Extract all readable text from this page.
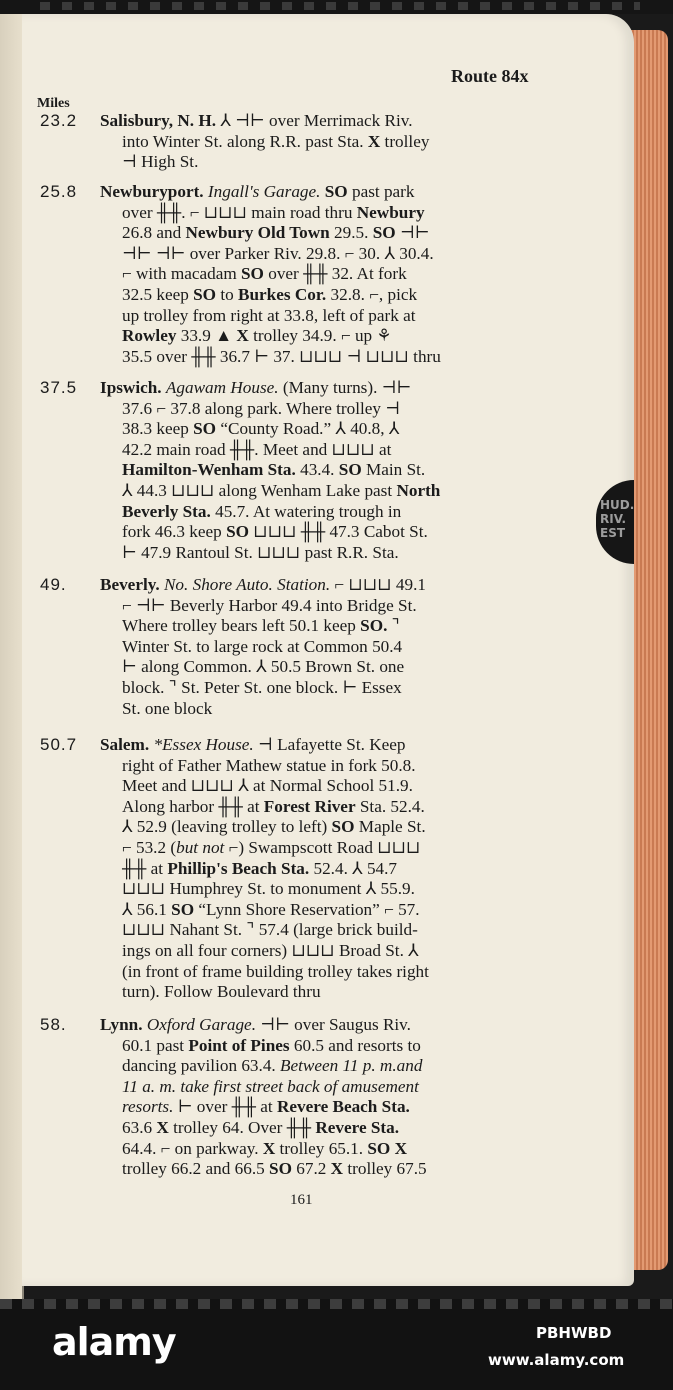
HUD.
RIV.
EST
Route 84x
Miles
23.2 Salisbury, N. H. ⅄ ⊣⊢ over Merrimack Riv.

into Winter St. along R.R. past Sta. X trolley

⊣ High St.

25.8 Newburyport. Ingall's Garage. SO past park

over ╫╫. ⌐ ⊔⊔⊔ main road thru Newbury

26.8 and Newbury Old Town 29.5. SO ⊣⊢

⊣⊢ ⊣⊢ over Parker Riv. 29.8. ⌐ 30. ⅄ 30.4.

⌐ with macadam SO over ╫╫ 32. At fork

32.5 keep SO to Burkes Cor. 32.8. ⌐, pick

up trolley from right at 33.8, left of park at

Rowley 33.9 ▲ X trolley 34.9. ⌐ up ⚘

35.5 over ╫╫ 36.7 ⊢ 37. ⊔⊔⊔ ⊣ ⊔⊔⊔ thru

37.5 Ipswich. Agawam House. (Many turns). ⊣⊢

37.6 ⌐ 37.8 along park. Where trolley ⊣

38.3 keep SO “County Road.” ⅄ 40.8, ⅄

42.2 main road ╫╫. Meet and ⊔⊔⊔ at

Hamilton-Wenham Sta. 43.4. SO Main St.

⅄ 44.3 ⊔⊔⊔ along Wenham Lake past North

Beverly Sta. 45.7. At watering trough in

fork 46.3 keep SO ⊔⊔⊔ ╫╫ 47.3 Cabot St.

⊢ 47.9 Rantoul St. ⊔⊔⊔ past R.R. Sta.

49. Beverly. No. Shore Auto. Station. ⌐ ⊔⊔⊔ 49.1

⌐ ⊣⊢ Beverly Harbor 49.4 into Bridge St.

Where trolley bears left 50.1 keep SO. ⌝

Winter St. to large rock at Common 50.4

⊢ along Common. ⅄ 50.5 Brown St. one

block. ⌝ St. Peter St. one block. ⊢ Essex

St. one block

50.7 Salem. *Essex House. ⊣ Lafayette St. Keep

right of Father Mathew statue in fork 50.8.

Meet and ⊔⊔⊔ ⅄ at Normal School 51.9.

Along harbor ╫╫ at Forest River Sta. 52.4.

⅄ 52.9 (leaving trolley to left) SO Maple St.

⌐ 53.2 (but not ⌐) Swampscott Road ⊔⊔⊔

╫╫ at Phillip's Beach Sta. 52.4. ⅄ 54.7

⊔⊔⊔ Humphrey St. to monument ⅄ 55.9.

⅄ 56.1 SO “Lynn Shore Reservation” ⌐ 57.

⊔⊔⊔ Nahant St. ⌝ 57.4 (large brick build-

ings on all four corners) ⊔⊔⊔ Broad St. ⅄

(in front of frame building trolley takes right

turn). Follow Boulevard thru

58. Lynn. Oxford Garage. ⊣⊢ over Saugus Riv.

60.1 past Point of Pines 60.5 and resorts to

dancing pavilion 63.4. Between 11 p. m.and

11 a. m. take first street back of amusement

resorts. ⊢ over ╫╫ at Revere Beach Sta.

63.6 X trolley 64. Over ╫╫ Revere Sta.

64.4. ⌐ on parkway. X trolley 65.1. SO X

trolley 66.2 and 66.5 SO 67.2 X trolley 67.5

161
alamy	PBHWBD
www.alamy.com
